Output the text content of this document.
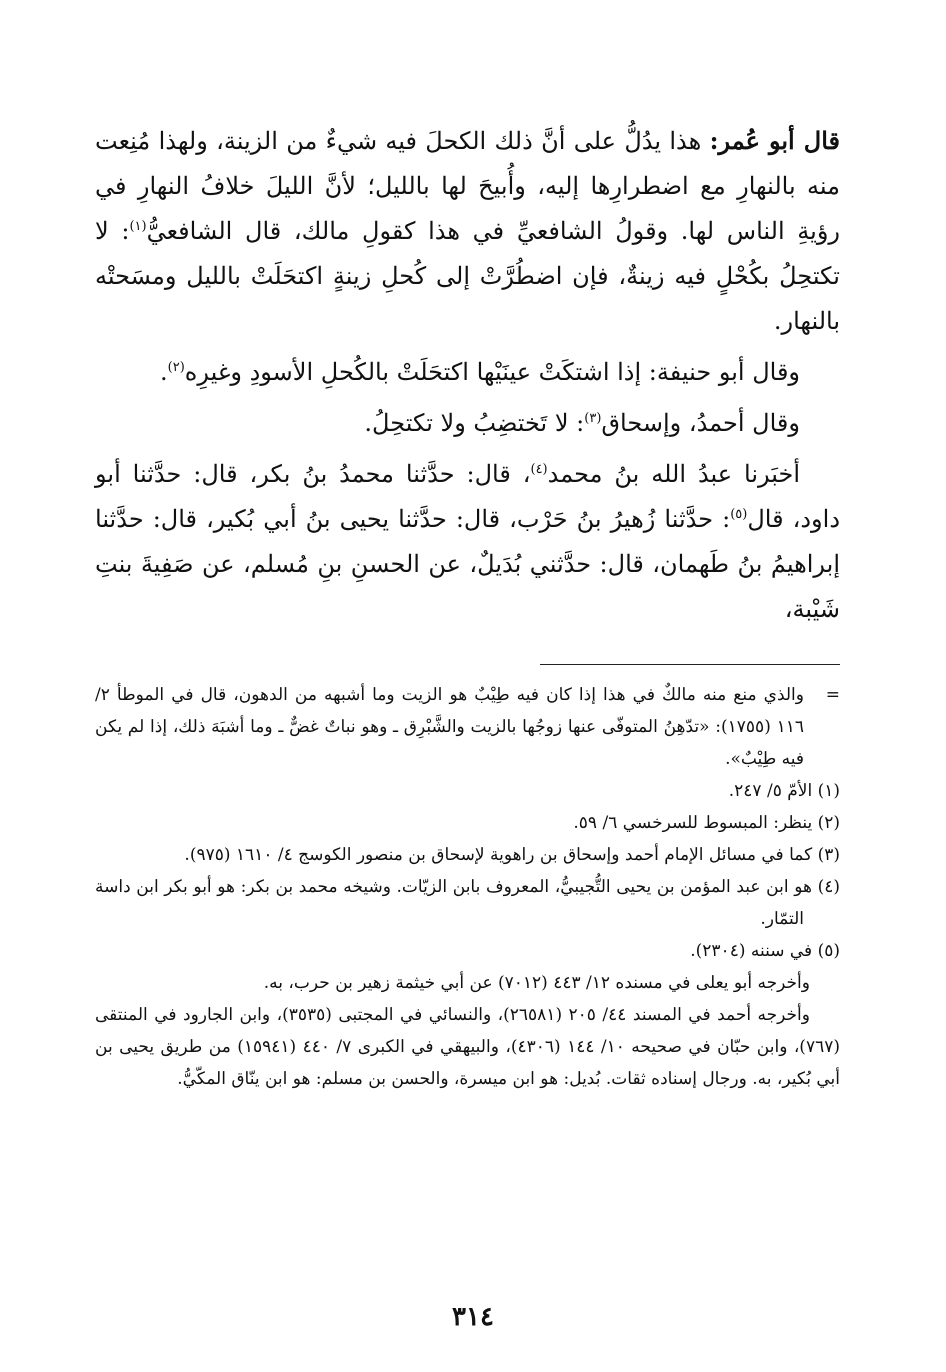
قال أبو عُمر: هذا يدُلُّ على أنَّ ذلك الكحلَ فيه شيءٌ من الزينة، ولهذا مُنِعت منه بالنهارِ مع اضطرارِها إليه، وأُبيحَ لها بالليل؛ لأنَّ الليلَ خلافُ النهارِ في رؤيةِ الناس لها. وقولُ الشافعيِّ في هذا كقولِ مالك، قال الشافعيُّ$^{(١)}$: لا تكتحِلُ بكُحْلٍ فيه زينةٌ، فإن اضطُرَّتْ إلى كُحلِ زينةٍ اكتحَلَتْ بالليل ومسَحتْه بالنهار.

وقال أبو حنيفة: إذا اشتكَتْ عينَيْها اكتحَلَتْ بالكُحلِ الأسودِ وغيرِه$^{(٢)}$.

وقال أحمدُ، وإسحاق$^{(٣)}$: لا تَختضِبُ ولا تكتحِلُ.

أخبَرنا عبدُ الله بنُ محمد$^{(٤)}$، قال: حدَّثنا محمدُ بنُ بكر، قال: حدَّثنا أبو داود، قال$^{(٥)}$: حدَّثنا زُهيرُ بنُ حَرْب، قال: حدَّثنا يحيى بنُ أبي بُكير، قال: حدَّثنا إبراهيمُ بنُ طَهمان، قال: حدَّثني بُدَيلٌ، عن الحسنِ بنِ مُسلم، عن صَفِيةَ بنتِ شَيْبة،

=
والذي منع منه مالكٌ في هذا إذا كان فيه طِيْبٌ هو الزيت وما أشبهه من الدهون، قال في الموطأ ٢/ ١١٦ (١٧٥٥): «تدّهِنُ المتوفّى عنها زوجُها بالزيت والشَّبْرِق ـ وهو نباتٌ غضٌّ ـ وما أشبَهَ ذلك، إذا لم يكن فيه طِيْبٌ».

(١) الأمّ ٥/ ٢٤٧.

(٢) ينظر: المبسوط للسرخسي ٦/ ٥٩.

(٣) كما في مسائل الإمام أحمد وإسحاق بن راهوية لإسحاق بن منصور الكوسج ٤/ ١٦١٠ (٩٧٥).

(٤) هو ابن عبد المؤمن بن يحيى التُّجيبيُّ، المعروف بابن الزيّات. وشيخه محمد بن بكر: هو أبو بكر ابن داسة التمّار.

(٥) في سننه (٢٣٠٤).

وأخرجه أبو يعلى في مسنده ١٢/ ٤٤٣ (٧٠١٢) عن أبي خيثمة زهير بن حرب، به.

وأخرجه أحمد في المسند ٤٤/ ٢٠٥ (٢٦٥٨١)، والنسائي في المجتبى (٣٥٣٥)، وابن الجارود في المنتقى (٧٦٧)، وابن حبّان في صحيحه ١٠/ ١٤٤ (٤٣٠٦)، والبيهقي في الكبرى ٧/ ٤٤٠ (١٥٩٤١) من طريق يحيى بن أبي بُكير، به. ورجال إسناده ثقات. بُديل: هو ابن ميسرة، والحسن بن مسلم: هو ابن ينّاق المكّيُّ.

٣١٤
